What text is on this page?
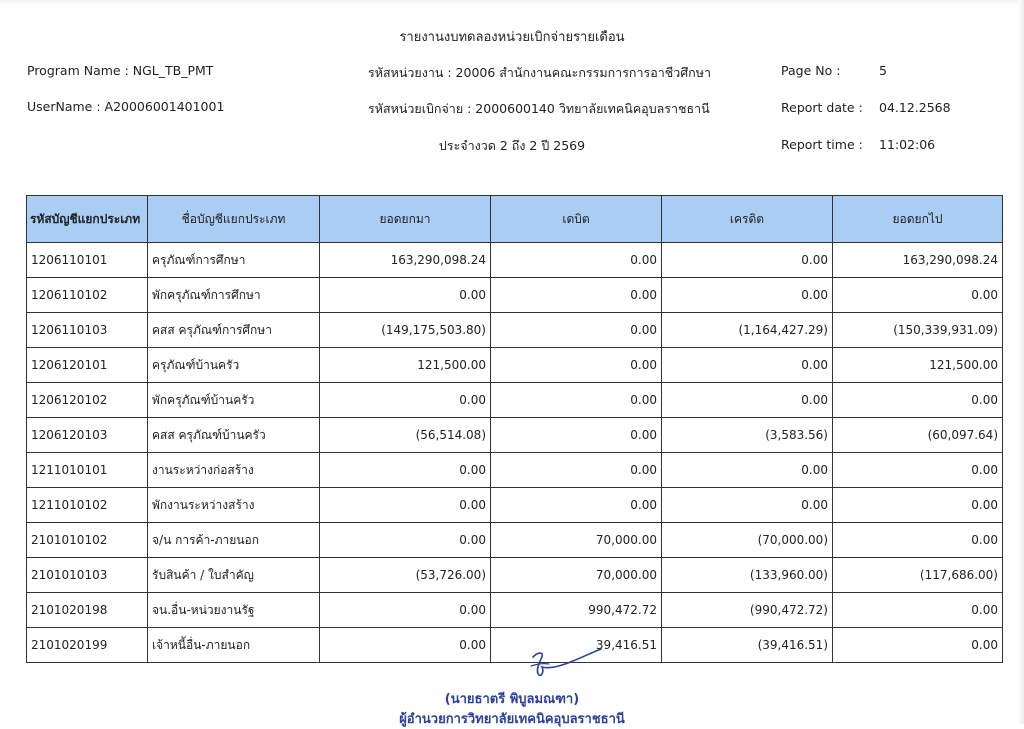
รายงานงบทดลองหน่วยเบิกจ่ายรายเดือน
Program Name : NGL_TB_PMT
UserName : A20006001401001
รหัสหน่วยงาน : 20006 สำนักงานคณะกรรมการการอาชีวศึกษา
รหัสหน่วยเบิกจ่าย : 2000600140 วิทยาลัยเทคนิคอุบลราชธานี
ประจำงวด 2 ถึง 2 ปี 2569
Page No :	5
Report date : 04.12.2568
Report time : 11:02:06
รหัสบัญชีแยกประเภท	ชื่อบัญชีแยกประเภท	ยอดยกมา	เดบิต	เครดิต	ยอดยกไป
1206110101	ครุภัณฑ์การศึกษา	163,290,098.24	0.00	0.00	163,290,098.24
1206110102	พักครุภัณฑ์การศึกษา	0.00	0.00	0.00	0.00
1206110103	คสส ครุภัณฑ์การศึกษา	(149,175,503.80)	0.00	(1,164,427.29)	(150,339,931.09)
1206120101	ครุภัณฑ์บ้านครัว	121,500.00	0.00	0.00	121,500.00
1206120102	พักครุภัณฑ์บ้านครัว	0.00	0.00	0.00	0.00
1206120103	คสส ครุภัณฑ์บ้านครัว	(56,514.08)	0.00	(3,583.56)	(60,097.64)
1211010101	งานระหว่างก่อสร้าง	0.00	0.00	0.00	0.00
1211010102	พักงานระหว่างสร้าง	0.00	0.00	0.00	0.00
2101010102	จ/น การค้า-ภายนอก	0.00	70,000.00	(70,000.00)	0.00
2101010103	รับสินค้า / ใบสำคัญ	(53,726.00)	70,000.00	(133,960.00)	(117,686.00)
2101020198	จน.อื่น-หน่วยงานรัฐ	0.00	990,472.72	(990,472.72)	0.00
2101020199	เจ้าหนี้อื่น-ภายนอก	0.00	39,416.51	(39,416.51)	0.00
(นายธาตรี พิบูลมณฑา)
ผู้อำนวยการวิทยาลัยเทคนิคอุบลราชธานี
